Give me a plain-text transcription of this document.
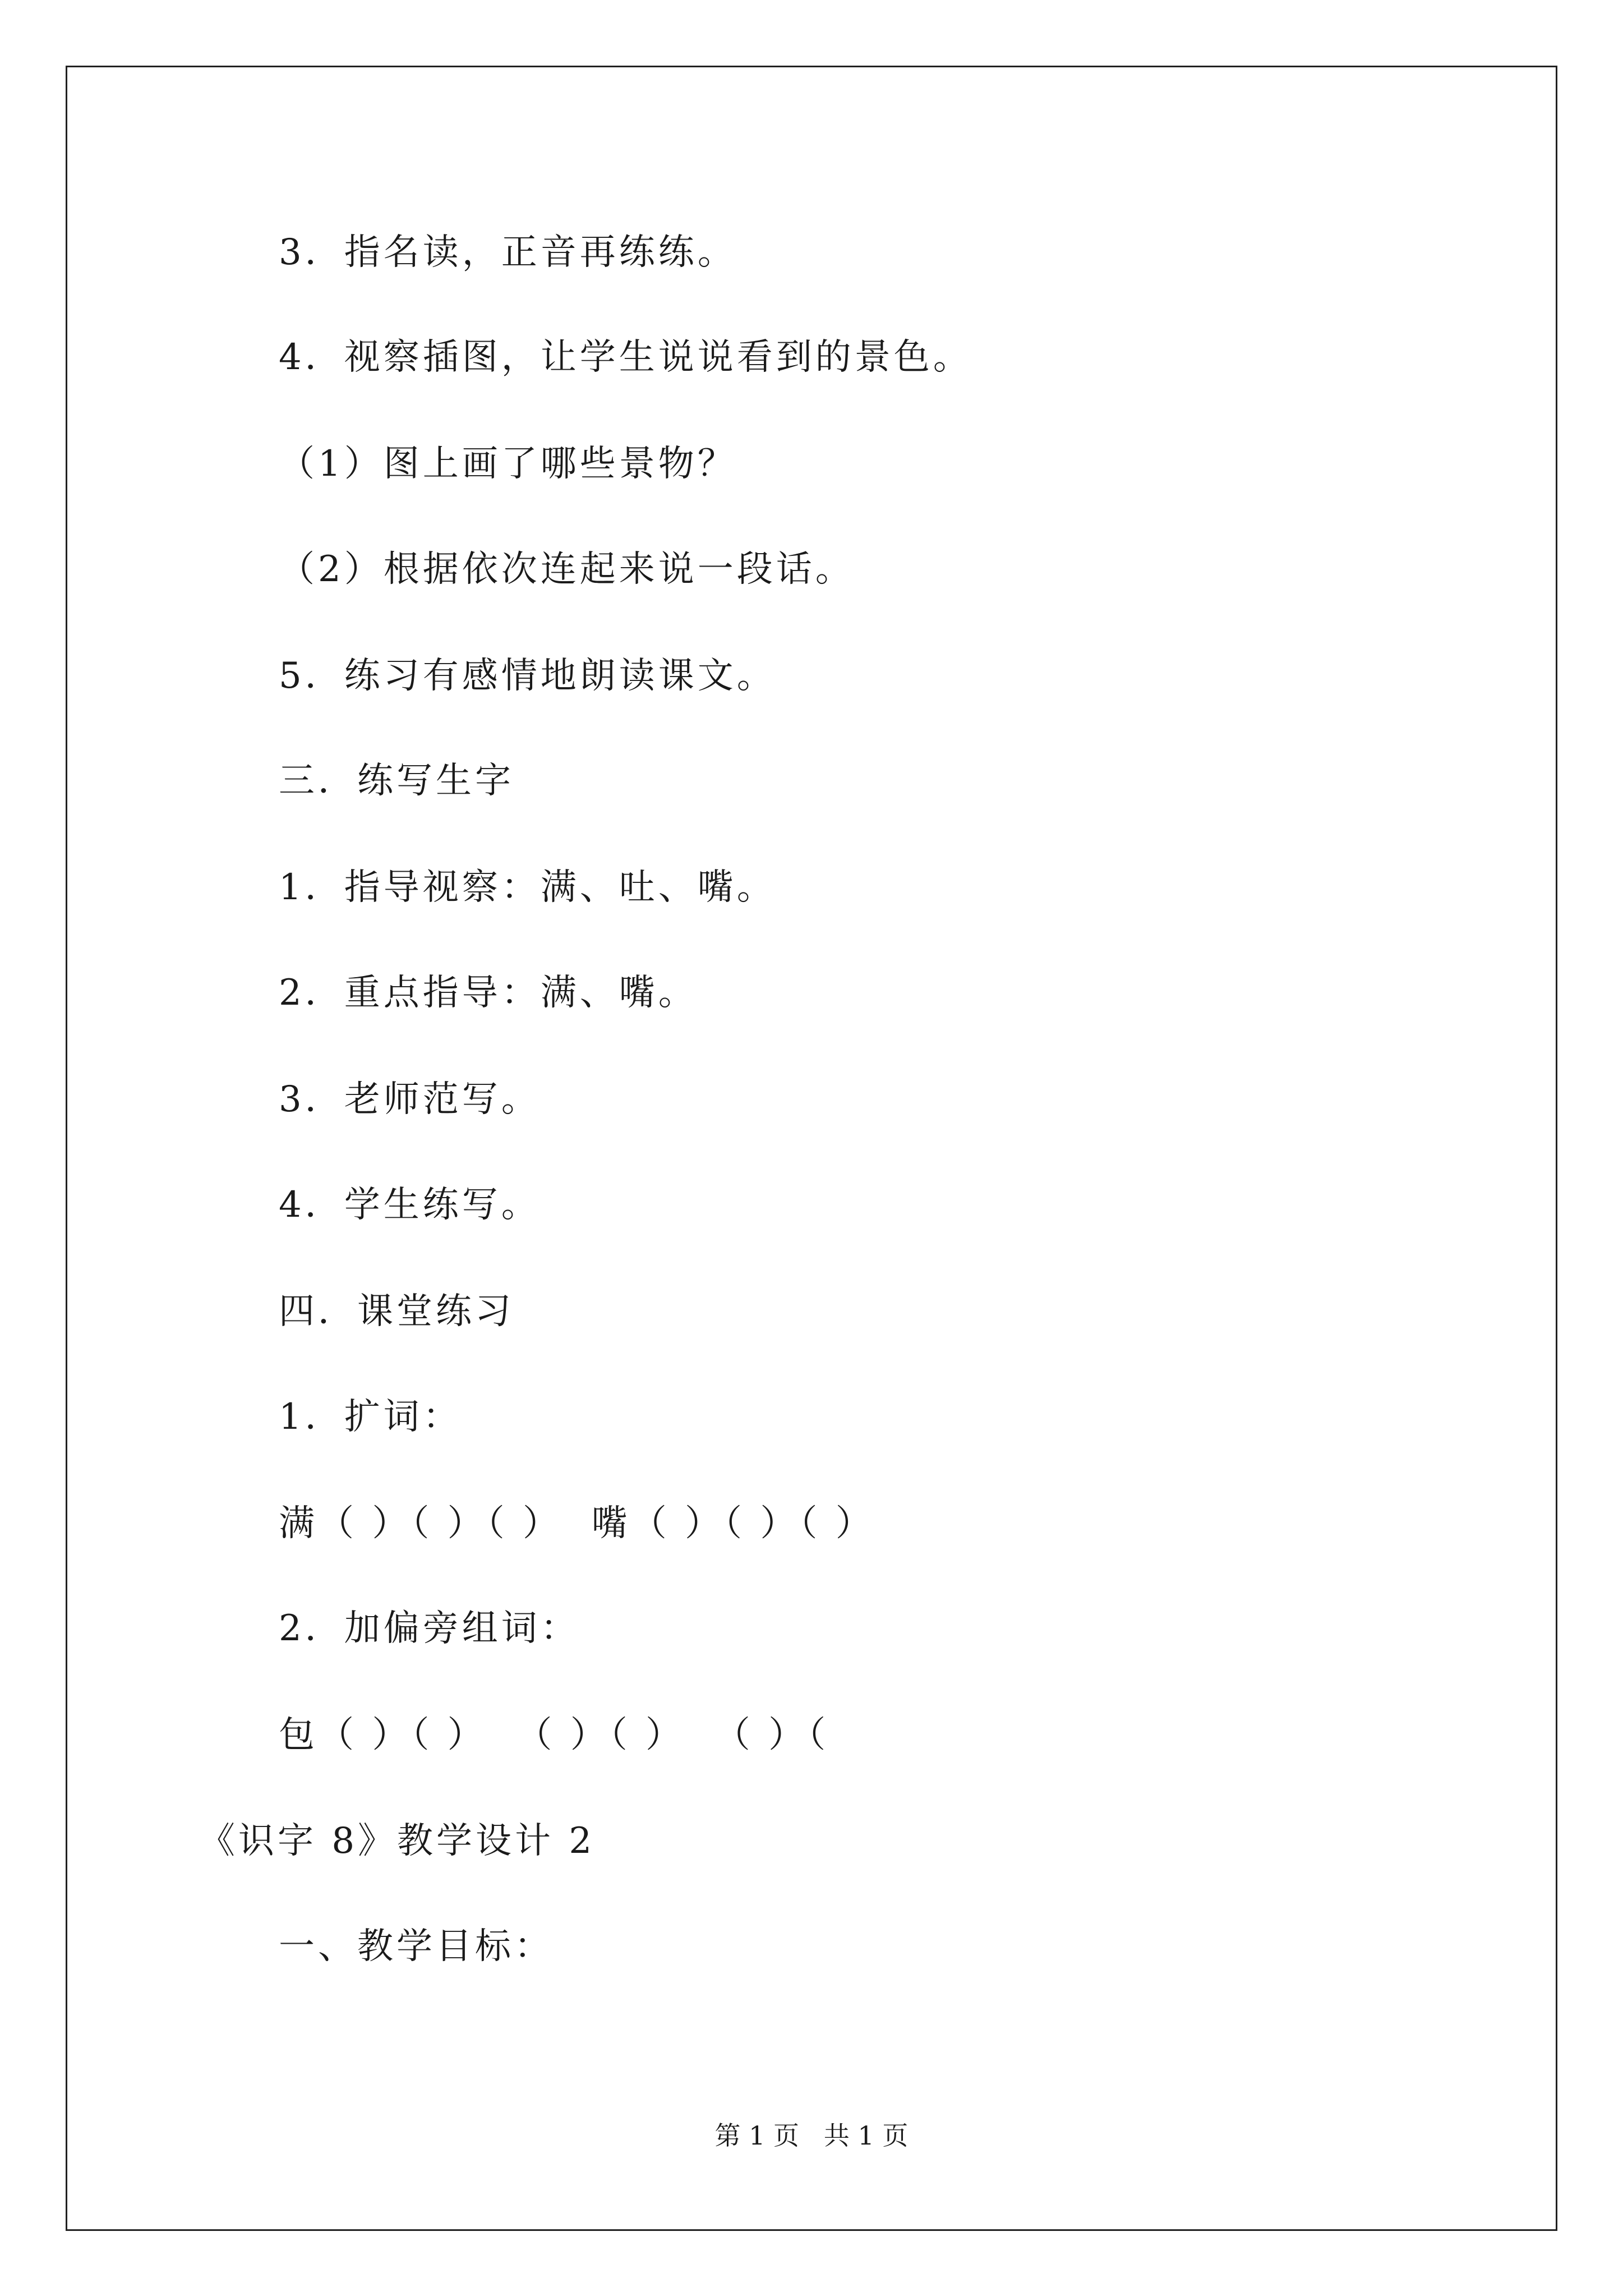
3．指名读，正音再练练。
4．视察插图，让学生说说看到的景色。
（1）图上画了哪些景物？
（2）根据依次连起来说一段话。
5．练习有感情地朗读课文。
三．练写生字
1．指导视察：满、吐、嘴。
2．重点指导：满、嘴。
3．老师范写。
4．学生练写。
四．课堂练习
1．扩词：
满（ ）（ ）（ ）  嘴（ ）（ ）（ ）
2．加偏旁组词：
包（ ）（ ）  （ ）（ ）  （ ）（
《识字 8》教学设计 2
一、教学目标：
第 1 页   共 1 页
